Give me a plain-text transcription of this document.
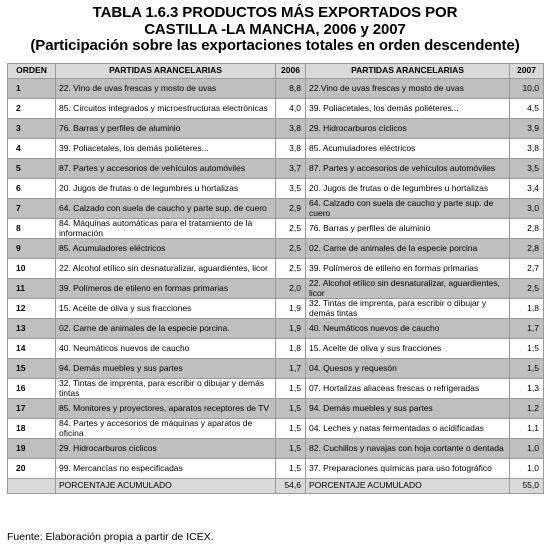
TABLA 1.6.3 PRODUCTOS MÁS EXPORTADOS POR
CASTILLA -LA MANCHA, 2006 y 2007
(Participación sobre las exportaciones totales en orden descendente)
ORDEN	PARTIDAS ARANCELARIAS	2006	PARTIDAS ARANCELARIAS	2007
1	22. Vino de uvas frescas y mosto de uvas	8,8	22.Vino de uvas frescas y mosto de uvas	10,0
2	85. Circuitos integrados y microestructuras electrónicas	4,0	39. Poliacetales, los demás poliéteres...	4,5
3	76. Barras y perfiles de aluminio	3,8	29. Hidrocarburos cíclicos	3,9
4	39. Poliacetales, los demás poliéteres...	3,8	85. Acumuladores eléctricos	3,8
5	87. Partes y accesorios de vehículos automóviles	3,7	87. Partes y accesorios de vehículos automóviles	3,5
6	20. Jugos de frutas o de legumbres u hortalizas	3,5	20. Jugos de frutas o de legumbres u hortalizas	3,4
7	64. Calzado con suela de caucho y parte sup. de cuero	2,9	64. Calzado con suela de caucho y parte sup. de cuero	3,0
8	84. Máquinas automáticas para el tratamiento de la información	2,5	76. Barras y perfiles de aluminio	2,8
9	85. Acumuladores eléctricos	2,5	02. Carne de animales de la especie porcina	2,8
10	22. Alcohol etílico sin desnaturalizar, aguardientes, licor	2,5	39. Polímeros de etileno en formas primarias	2,7
11	39. Polímeros de etileno en formas primarias	2,0	22. Alcohol etílico sin desnaturalizar, aguardientes, licor	2,5
12	15. Aceite de oliva y sus fracciones	1,9	32. Tintas de imprenta, para escribir o dibujar y demás tintas	1,8
13	02. Carne de animales de la especie porcina.	1,9	40. Neumáticos nuevos de caucho	1,7
14	40. Neumáticos nuevos de caucho	1,8	15. Aceite de oliva y sus fracciones	1,5
15	94. Demás muebles y sus partes	1,7	04. Quesos y requesón	1,5
16	32. Tintas de imprenta, para escribir o dibujar y demás tintas	1,5	07. Hortalizas aliaceas frescas o refrigeradas	1,3
17	85. Monitores y proyectores, aparatos receptores de TV	1,5	94. Demás muebles y sus partes	1,2
18	84. Partes y accesorios de máquinas y aparatos de oficina	1,5	04. Leches y natas fermentadas o acidificadas	1,1
19	29. Hidrocarburos cíclicos	1,5	82. Cuchillos y navajas con hoja cortante o dentada	1,0
20	99. Mercancías no especificadas	1,5	37. Preparaciones químicas para uso fotográfico	1,0
	PORCENTAJE ACUMULADO	54,6	PORCENTAJE ACUMULADO	55,0
Fuente: Elaboración propia a partir de ICEX.
